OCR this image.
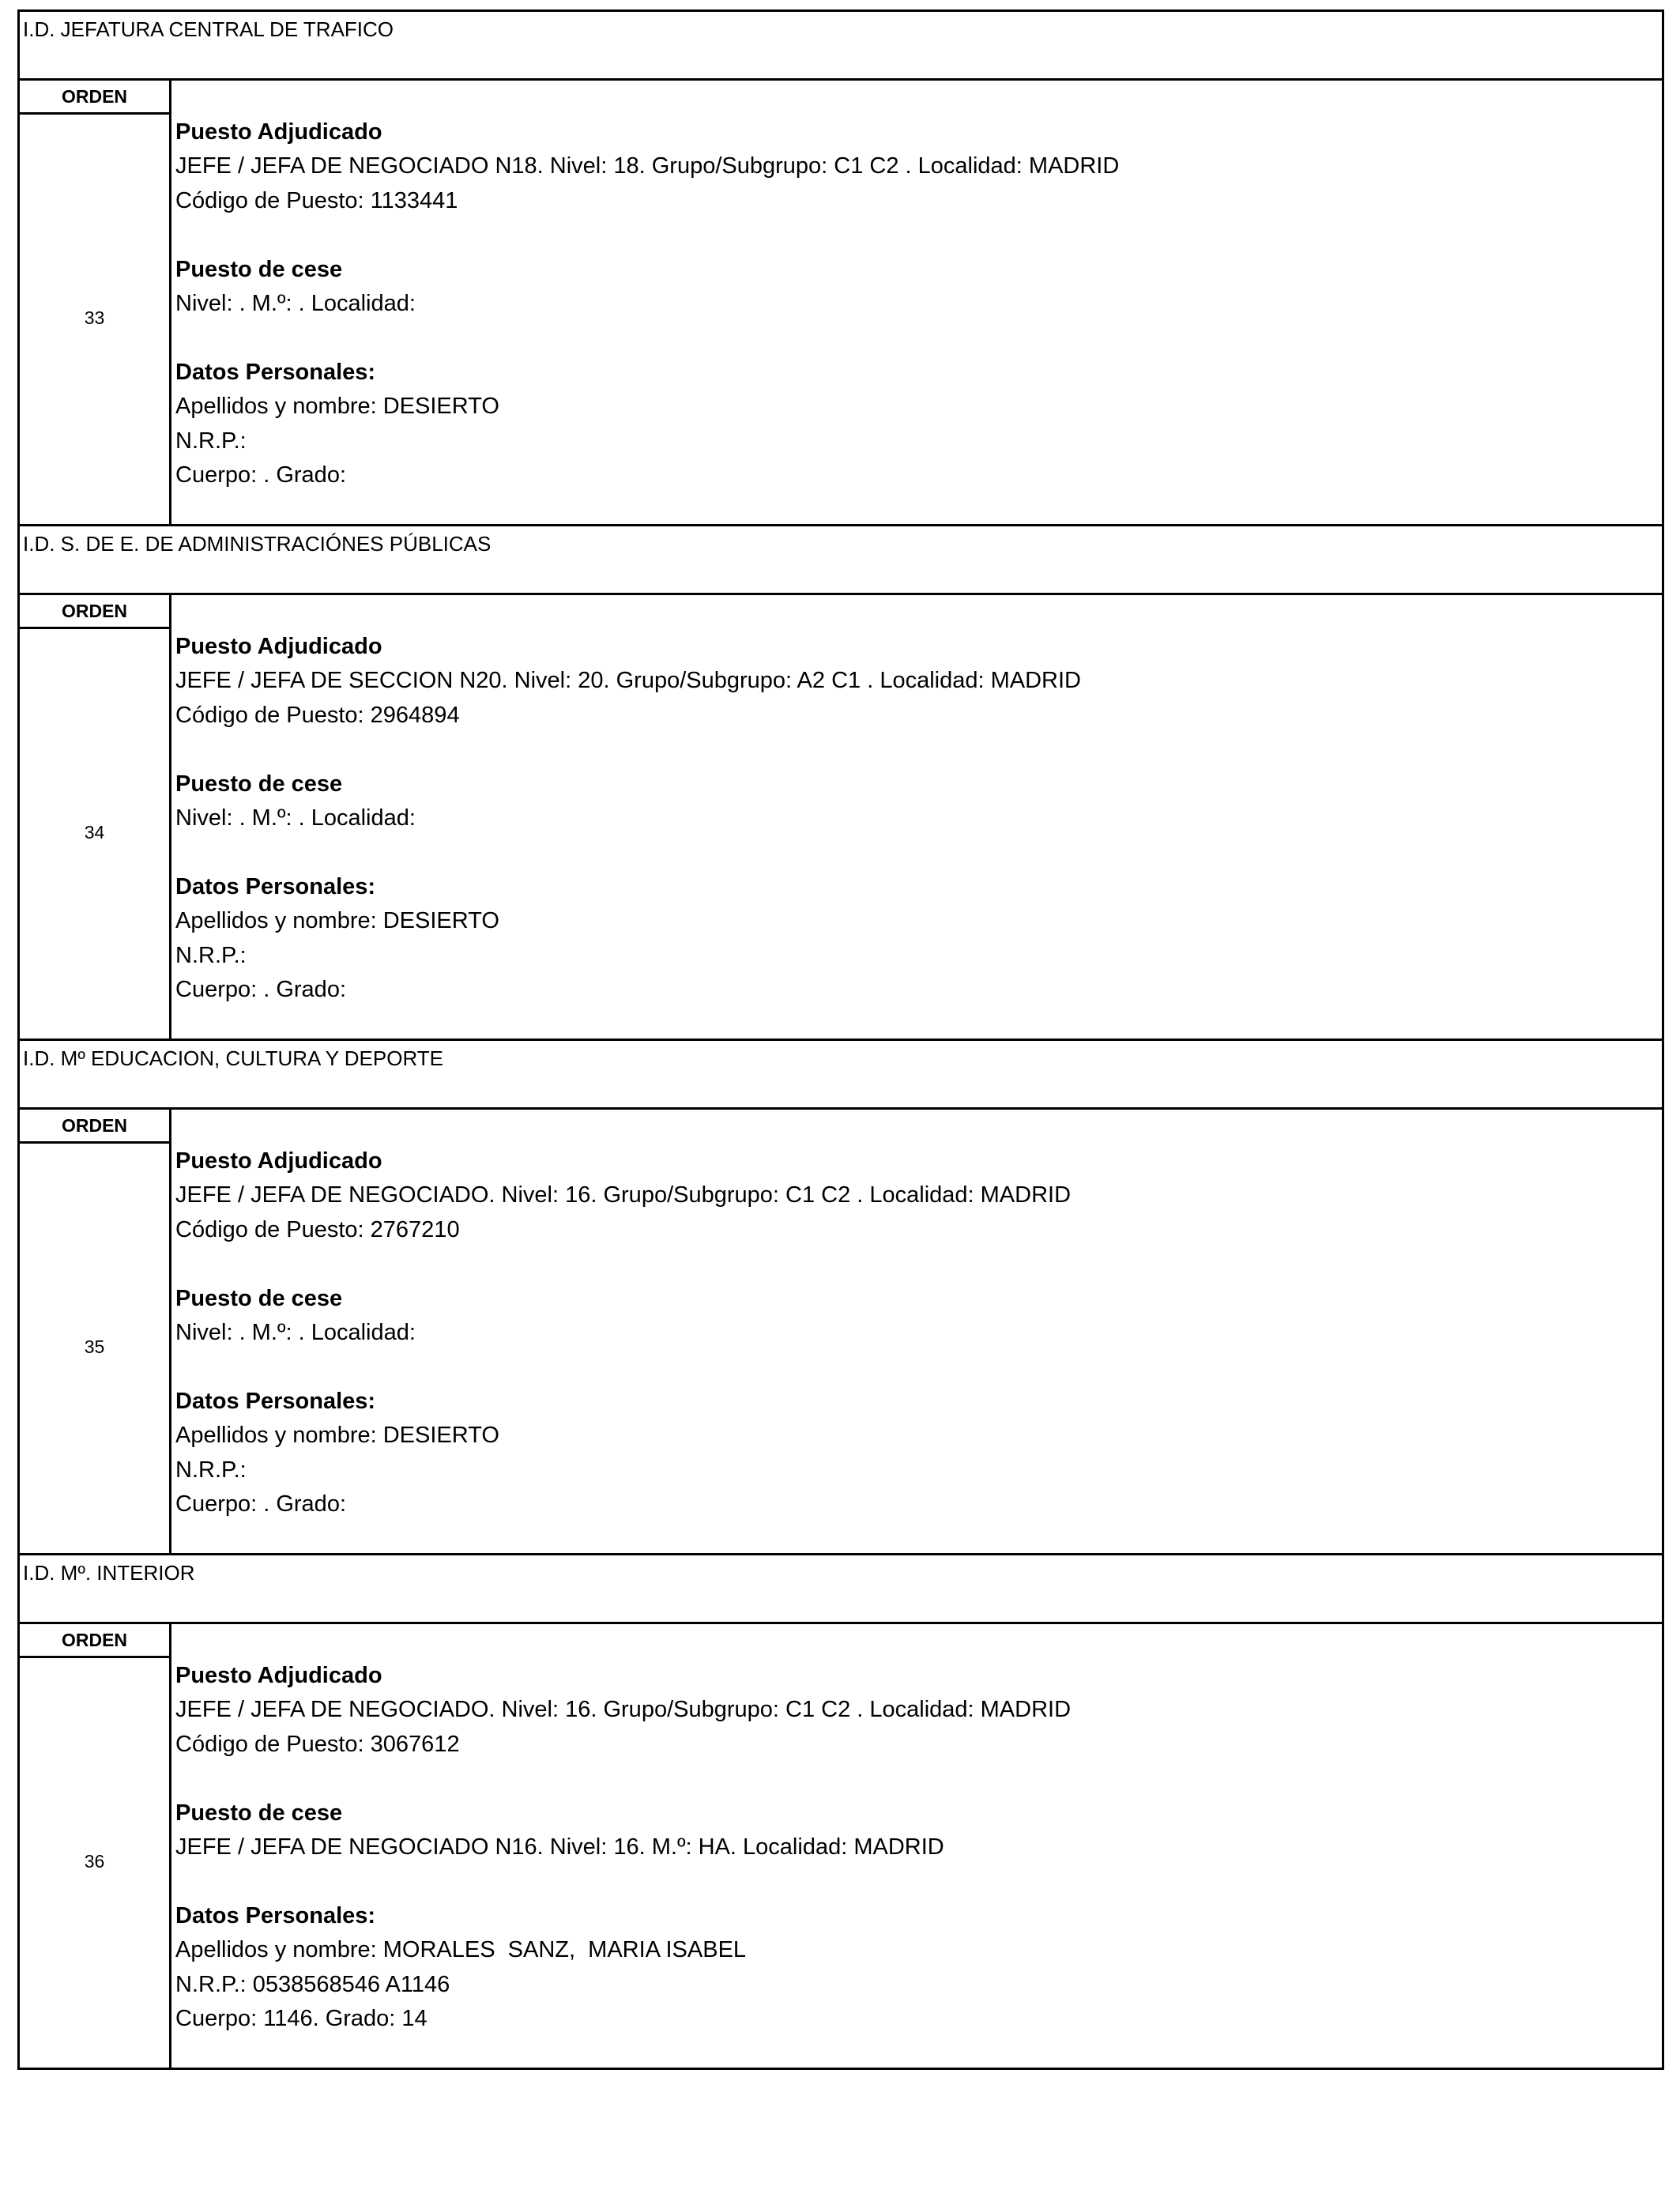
I.D. JEFATURA CENTRAL DE TRAFICO
ORDEN
33
Puesto Adjudicado
JEFE / JEFA DE NEGOCIADO N18. Nivel: 18. Grupo/Subgrupo: C1 C2 . Localidad: MADRID
Código de Puesto: 1133441
Puesto de cese
Nivel: . M.º: . Localidad:
Datos Personales:
Apellidos y nombre: DESIERTO
N.R.P.:
Cuerpo: . Grado:
I.D. S. DE E. DE ADMINISTRACIÓNES PÚBLICAS
ORDEN
34
Puesto Adjudicado
JEFE / JEFA DE SECCION N20. Nivel: 20. Grupo/Subgrupo: A2 C1 . Localidad: MADRID
Código de Puesto: 2964894
Puesto de cese
Nivel: . M.º: . Localidad:
Datos Personales:
Apellidos y nombre: DESIERTO
N.R.P.:
Cuerpo: . Grado:
I.D. Mº EDUCACION, CULTURA Y DEPORTE
ORDEN
35
Puesto Adjudicado
JEFE / JEFA DE NEGOCIADO. Nivel: 16. Grupo/Subgrupo: C1 C2 . Localidad: MADRID
Código de Puesto: 2767210
Puesto de cese
Nivel: . M.º: . Localidad:
Datos Personales:
Apellidos y nombre: DESIERTO
N.R.P.:
Cuerpo: . Grado:
I.D. Mº. INTERIOR
ORDEN
36
Puesto Adjudicado
JEFE / JEFA DE NEGOCIADO. Nivel: 16. Grupo/Subgrupo: C1 C2 . Localidad: MADRID
Código de Puesto: 3067612
Puesto de cese
JEFE / JEFA DE NEGOCIADO N16. Nivel: 16. M.º: HA. Localidad: MADRID
Datos Personales:
Apellidos y nombre: MORALES  SANZ,  MARIA ISABEL
N.R.P.: 0538568546 A1146
Cuerpo: 1146. Grado: 14
